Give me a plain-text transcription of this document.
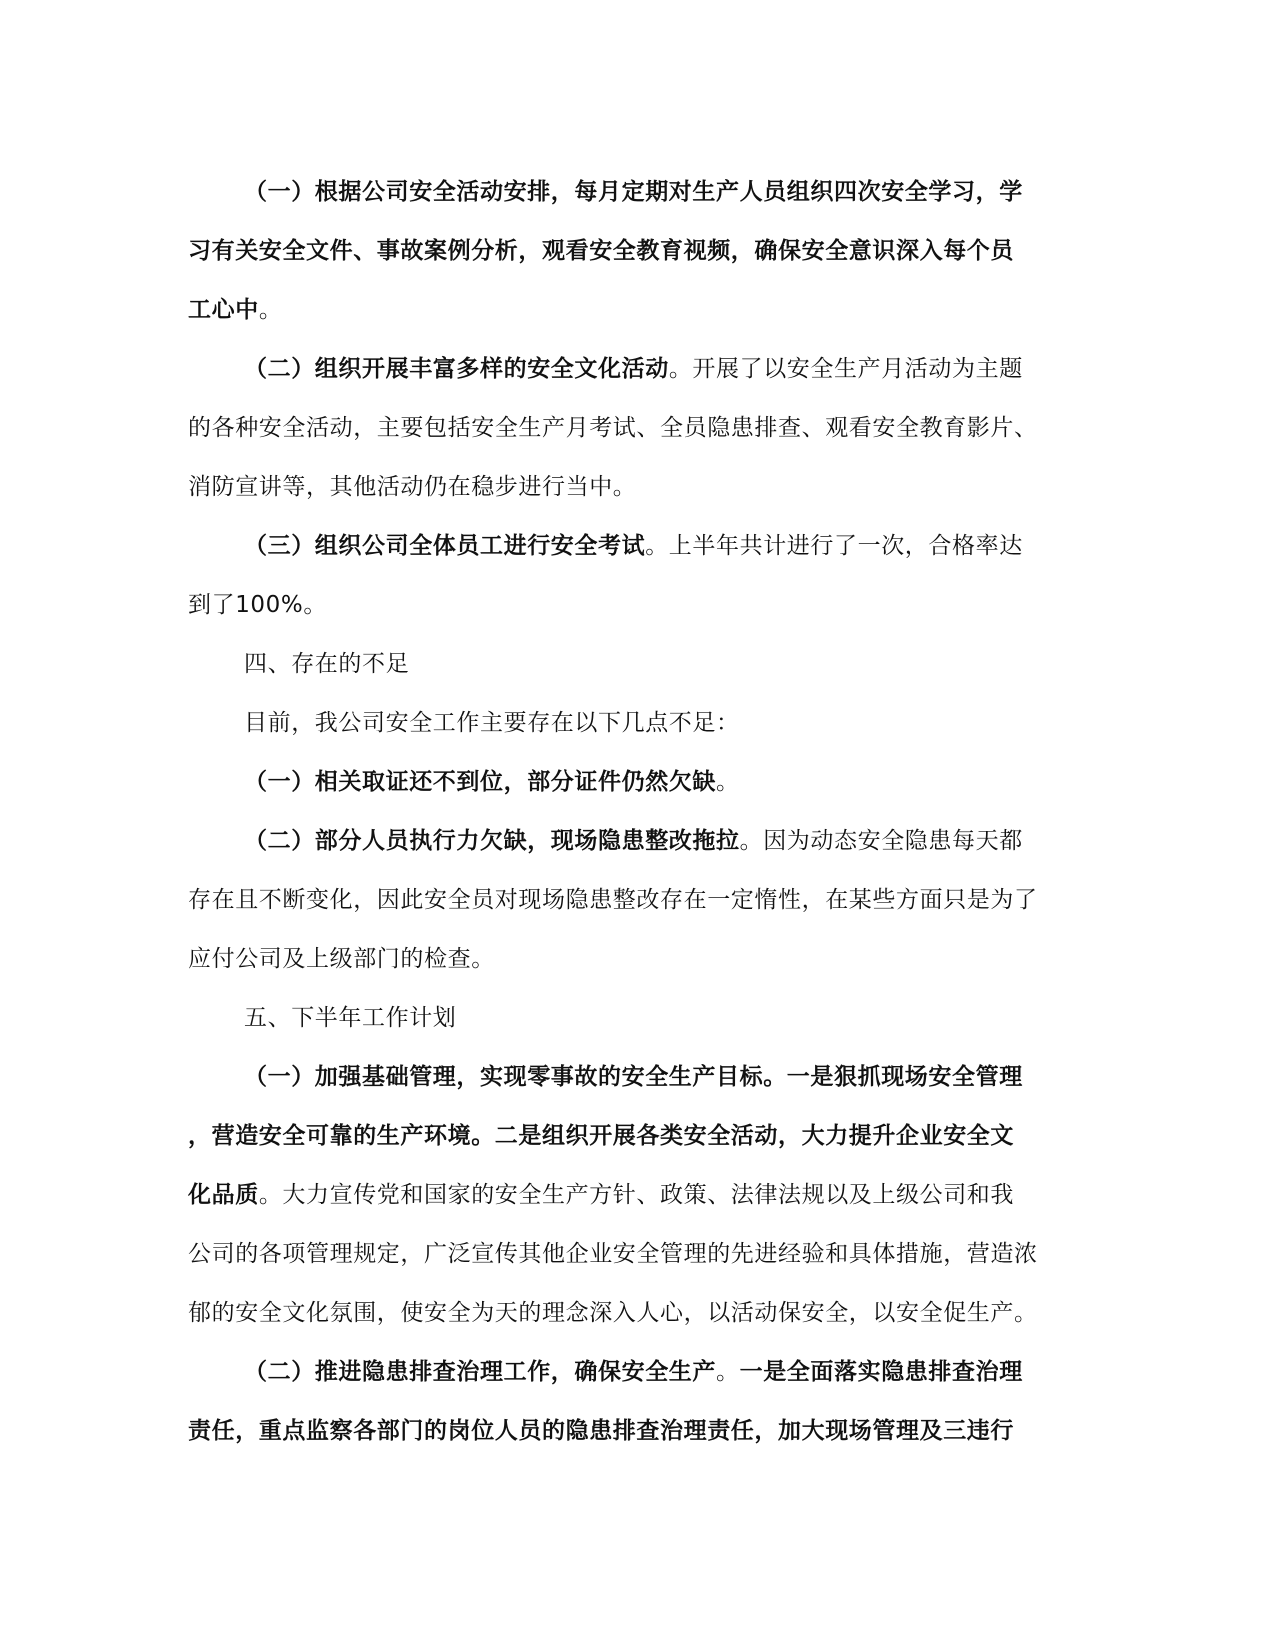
（一）根据公司安全活动安排，每月定期对生产人员组织四次安全学习，学
习有关安全文件、事故案例分析，观看安全教育视频，确保安全意识深入每个员
工心中。
（二）组织开展丰富多样的安全文化活动。开展了以安全生产月活动为主题
的各种安全活动，主要包括安全生产月考试、全员隐患排查、观看安全教育影片、
消防宣讲等，其他活动仍在稳步进行当中。
（三）组织公司全体员工进行安全考试。上半年共计进行了一次，合格率达
到了100%。
四、存在的不足
目前，我公司安全工作主要存在以下几点不足：
（一）相关取证还不到位，部分证件仍然欠缺。
（二）部分人员执行力欠缺，现场隐患整改拖拉。因为动态安全隐患每天都
存在且不断变化，因此安全员对现场隐患整改存在一定惰性，在某些方面只是为了
应付公司及上级部门的检查。
五、下半年工作计划
（一）加强基础管理，实现零事故的安全生产目标。一是狠抓现场安全管理
，营造安全可靠的生产环境。二是组织开展各类安全活动，大力提升企业安全文
化品质。大力宣传党和国家的安全生产方针、政策、法律法规以及上级公司和我
公司的各项管理规定，广泛宣传其他企业安全管理的先进经验和具体措施，营造浓
郁的安全文化氛围，使安全为天的理念深入人心，以活动保安全，以安全促生产。
（二）推进隐患排查治理工作，确保安全生产。一是全面落实隐患排查治理
责任，重点监察各部门的岗位人员的隐患排查治理责任，加大现场管理及三违行
